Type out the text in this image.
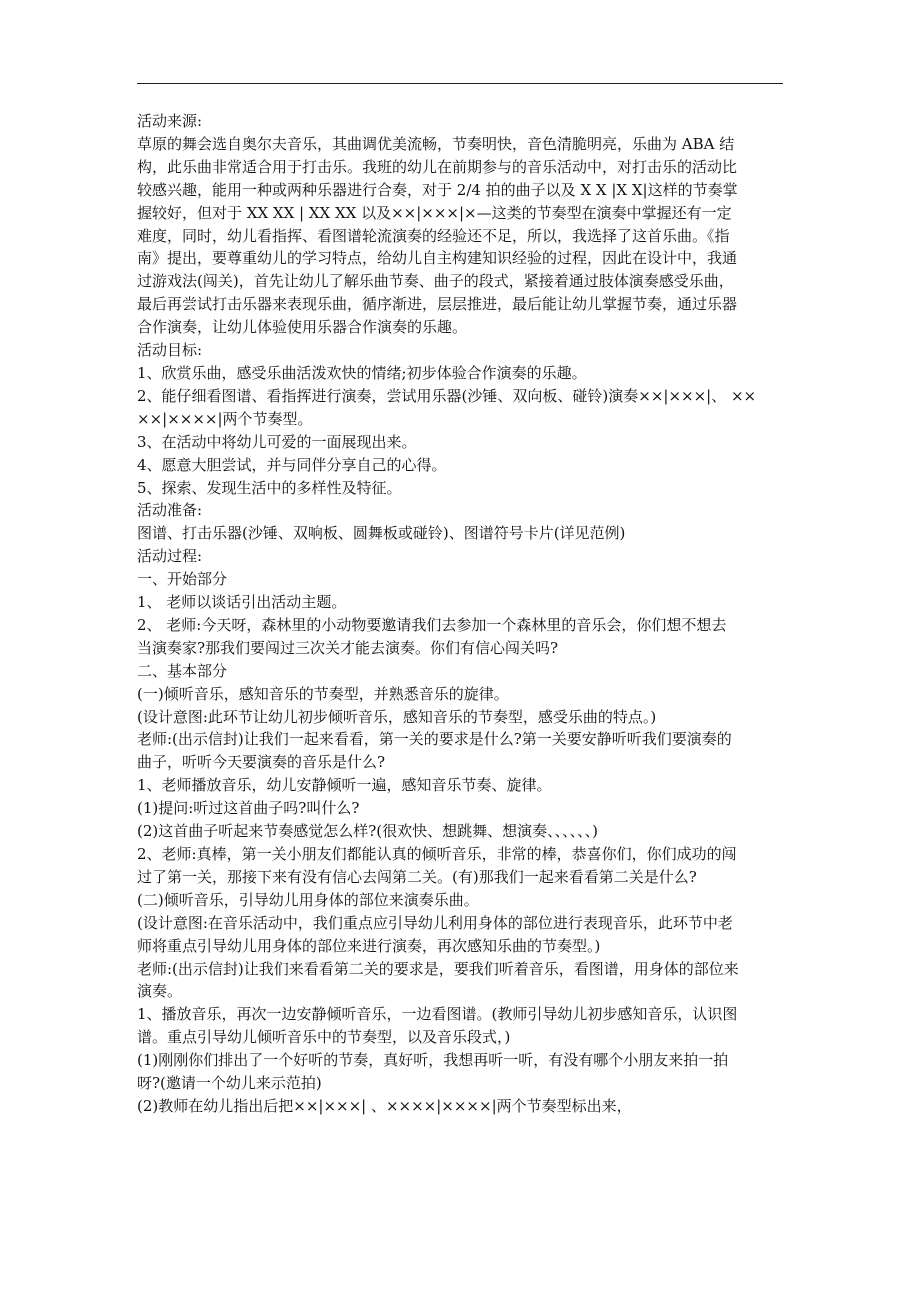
活动来源:

草原的舞会选自奥尔夫音乐，其曲调优美流畅，节奏明快，音色清脆明亮，乐曲为 ABA 结

构，此乐曲非常适合用于打击乐。我班的幼儿在前期参与的音乐活动中，对打击乐的活动比

较感兴趣，能用一种或两种乐器进行合奏，对于 2/4 拍的曲子以及 X X |X X|这样的节奏掌

握较好，但对于 XX XX | XX XX 以及××|×××|×—这类的节奏型在演奏中掌握还有一定

难度，同时，幼儿看指挥、看图谱轮流演奏的经验还不足，所以，我选择了这首乐曲。《指

南》提出，要尊重幼儿的学习特点，给幼儿自主构建知识经验的过程，因此在设计中，我通

过游戏法(闯关)，首先让幼儿了解乐曲节奏、曲子的段式，紧接着通过肢体演奏感受乐曲，

最后再尝试打击乐器来表现乐曲，循序渐进，层层推进，最后能让幼儿掌握节奏，通过乐器

合作演奏，让幼儿体验使用乐器合作演奏的乐趣。

活动目标:

1、欣赏乐曲，感受乐曲活泼欢快的情绪;初步体验合作演奏的乐趣。

2、能仔细看图谱、看指挥进行演奏，尝试用乐器(沙锤、双向板、碰铃)演奏××|×××|、 ××

××|××××|两个节奏型。

3、在活动中将幼儿可爱的一面展现出来。

4、愿意大胆尝试，并与同伴分享自己的心得。

5、探索、发现生活中的多样性及特征。

活动准备:

图谱、打击乐器(沙锤、双响板、圆舞板或碰铃)、图谱符号卡片(详见范例)

活动过程:

一、开始部分

1、 老师以谈话引出活动主题。

2、 老师:今天呀，森林里的小动物要邀请我们去参加一个森林里的音乐会，你们想不想去

当演奏家?那我们要闯过三次关才能去演奏。你们有信心闯关吗?

二、基本部分

(一)倾听音乐，感知音乐的节奏型，并熟悉音乐的旋律。

(设计意图:此环节让幼儿初步倾听音乐，感知音乐的节奏型，感受乐曲的特点。)

老师:(出示信封)让我们一起来看看，第一关的要求是什么?第一关要安静听听我们要演奏的

曲子，听听今天要演奏的音乐是什么?

1、老师播放音乐，幼儿安静倾听一遍，感知音乐节奏、旋律。

(1)提问:听过这首曲子吗?叫什么?

(2)这首曲子听起来节奏感觉怎么样?(很欢快、想跳舞、想演奏、、、、、、)

2、老师:真棒，第一关小朋友们都能认真的倾听音乐，非常的棒，恭喜你们，你们成功的闯

过了第一关，那接下来有没有信心去闯第二关。(有)那我们一起来看看第二关是什么?

(二)倾听音乐，引导幼儿用身体的部位来演奏乐曲。

(设计意图:在音乐活动中，我们重点应引导幼儿利用身体的部位进行表现音乐，此环节中老

师将重点引导幼儿用身体的部位来进行演奏，再次感知乐曲的节奏型。)

老师:(出示信封)让我们来看看第二关的要求是，要我们听着音乐，看图谱，用身体的部位来

演奏。

1、播放音乐，再次一边安静倾听音乐，一边看图谱。(教师引导幼儿初步感知音乐，认识图

谱。重点引导幼儿倾听音乐中的节奏型，以及音乐段式，)

(1)刚刚你们排出了一个好听的节奏，真好听，我想再听一听，有没有哪个小朋友来拍一拍

呀?(邀请一个幼儿来示范拍)

(2)教师在幼儿指出后把××|×××| 、××××|××××|两个节奏型标出来，
